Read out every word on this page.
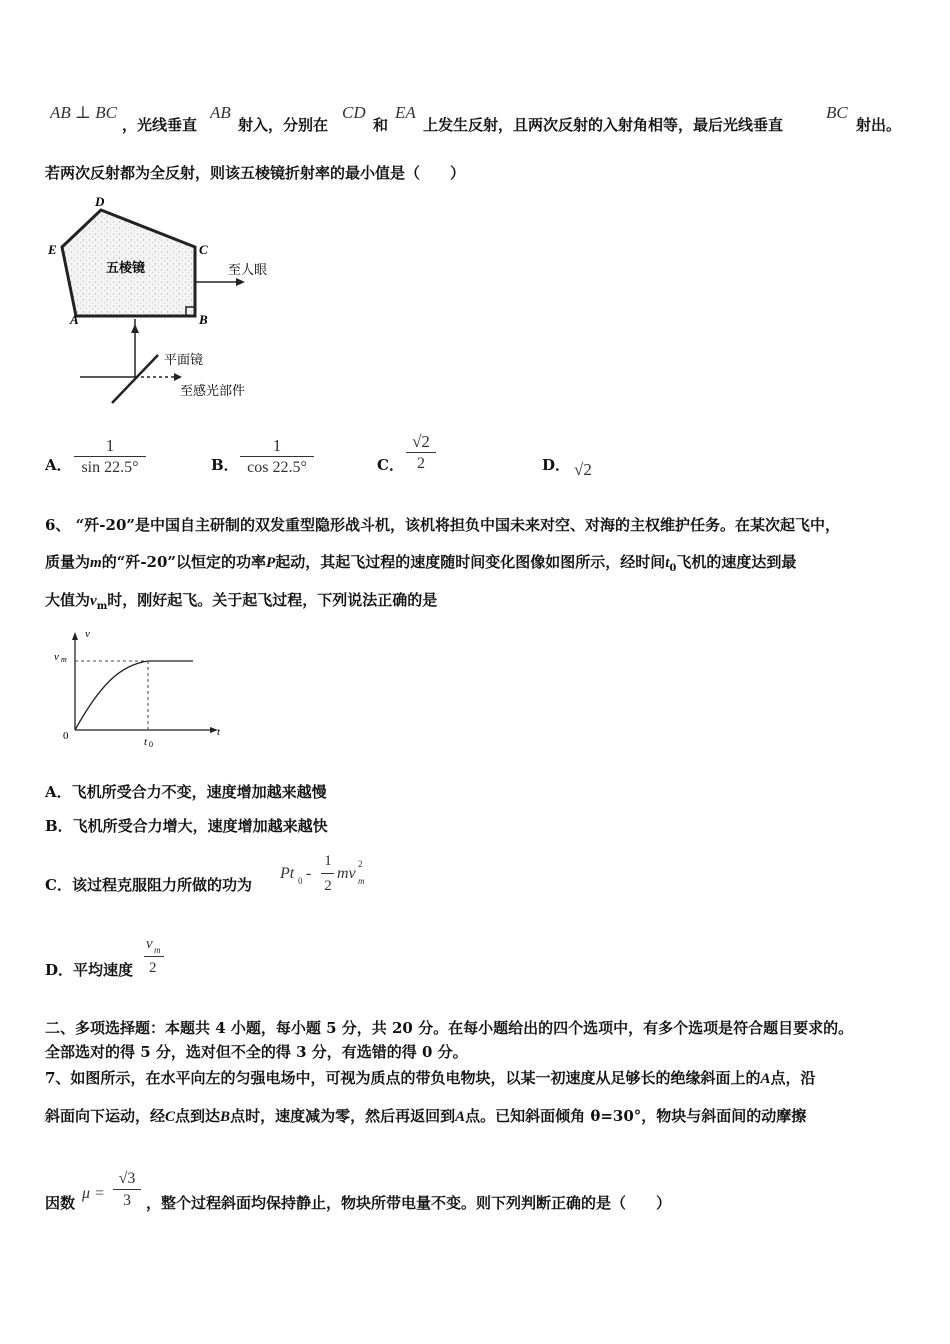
AB ⊥ BC
，光线垂直
AB
射入，分别在
CD
和
EA
上发生反射，且两次反射的入射角相等，最后光线垂直
BC
射出。
若两次反射都为全反射，则该五棱镜折射率的最小值是（　　）
D
C
E
A	B
五棱镜	至人眼
平面镜
至感光部件
A．
1
sin 22.5°	B．
1
cos 22.5°	C．
√2
2	D． √2
6、 “歼-20”是中国自主研制的双发重型隐形战斗机，该机将担负中国未来对空、对海的主权维护任务。在某次起飞中，
质量为m的“歼-20”以恒定的功率P起动，其起飞过程的速度随时间变化图像如图所示，经时间$t_0$飞机的速度达到最
大值为$v_m$时，刚好起飞。关于起飞过程，下列说法正确的是
v
t
0
v m
t 0
A．飞机所受合力不变，速度增加越来越慢
B．飞机所受合力增大，速度增加越来越快
C．该过程克服阻力所做的功为
Pt 0 -
1
2
mv
2
m
D．平均速度
v m
2
二、多项选择题：本题共 4 小题，每小题 5 分，共 20 分。在每小题给出的四个选项中，有多个选项是符合题目要求的。
全部选对的得 5 分，选对但不全的得 3 分，有选错的得 0 分。
7、如图所示，在水平向左的匀强电场中，可视为质点的带负电物块，以某一初速度从足够长的绝缘斜面上的A点，沿
斜面向下运动，经C点到达B点时，速度减为零，然后再返回到A点。已知斜面倾角 θ=30°，物块与斜面间的动摩擦
因数
μ =
√3
3	，整个过程斜面均保持静止，物块所带电量不变。则下列判断正确的是（　　）
